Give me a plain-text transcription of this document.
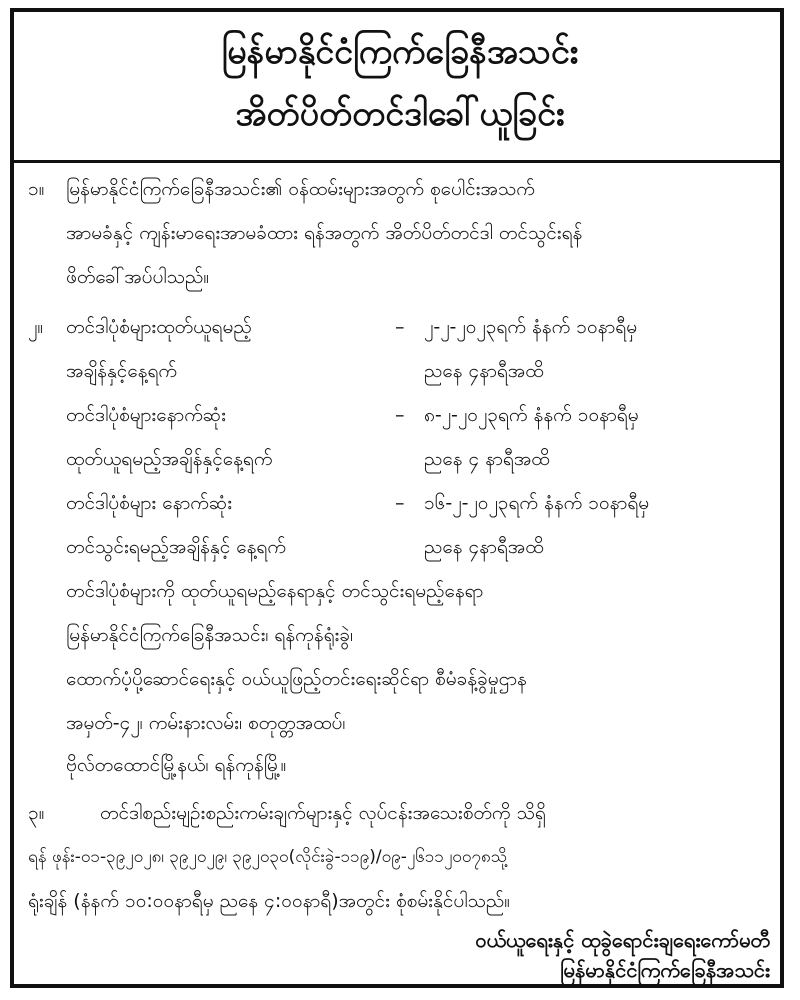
မြန်မာနိုင်ငံကြက်ခြေနီအသင်း
အိတ်ပိတ်တင်ဒါခေါ်ယူခြင်း
၁။ မြန်မာနိုင်ငံကြက်ခြေနီအသင်း၏ ဝန်ထမ်းများအတွက် စုပေါင်းအသက်
အာမခံနှင့် ကျန်းမာရေးအာမခံထား ရန်အတွက် အိတ်ပိတ်တင်ဒါ တင်သွင်းရန်
ဖိတ်ခေါ်အပ်ပါသည်။
၂။ တင်ဒါပုံစံများထုတ်ယူရမည့်	– ၂-၂-၂၀၂၃ရက် နံနက် ၁၀နာရီမှ
အချိန်နှင့်နေ့ရက်	ညနေ ၄နာရီအထိ
တင်ဒါပုံစံများနောက်ဆုံး	– ၈-၂-၂၀၂၃ရက် နံနက် ၁၀နာရီမှ
ထုတ်ယူရမည့်အချိန်နှင့်နေ့ရက်	ညနေ ၄ နာရီအထိ
တင်ဒါပုံစံများ နောက်ဆုံး	– ၁၆-၂-၂၀၂၃ရက် နံနက် ၁၀နာရီမှ
တင်သွင်းရမည့်အချိန်နှင့် နေ့ရက်	ညနေ ၄နာရီအထိ
တင်ဒါပုံစံများကို ထုတ်ယူရမည့်နေရာနှင့် တင်သွင်းရမည့်နေရာ
မြန်မာနိုင်ငံကြက်ခြေနီအသင်း၊ ရန်ကုန်ရုံးခွဲ၊
ထောက်ပံ့ပို့ဆောင်ရေးနှင့် ဝယ်ယူဖြည့်တင်းရေးဆိုင်ရာ စီမံခန့်ခွဲမှုဌာန
အမှတ်-၄၂၊ ကမ်းနားလမ်း၊ စတုတ္တအထပ်၊
ဗိုလ်တထောင်မြို့နယ်၊ ရန်ကုန်မြို့။
၃။	တင်ဒါစည်းမျဉ်းစည်းကမ်းချက်များနှင့် လုပ်ငန်းအသေးစိတ်ကို သိရှိ
ရန် ဖုန်း-၀၁-၃၉၂၀၂၈၊ ၃၉၂၀၂၉၊ ၃၉၂၀၃၀(လိုင်းခွဲ-၁၁၉)/၀၉-၂၆၁၁၂၀၀၇၈သို့
ရုံးချိန် (နံနက် ၁၀:၀၀နာရီမှ ညနေ ၄:၀၀နာရီ)အတွင်း စုံစမ်းနိုင်ပါသည်။
ဝယ်ယူရေးနှင့် ထုခွဲရောင်းချရေးကော်မတီ
မြန်မာနိုင်ငံကြက်ခြေနီအသင်း
